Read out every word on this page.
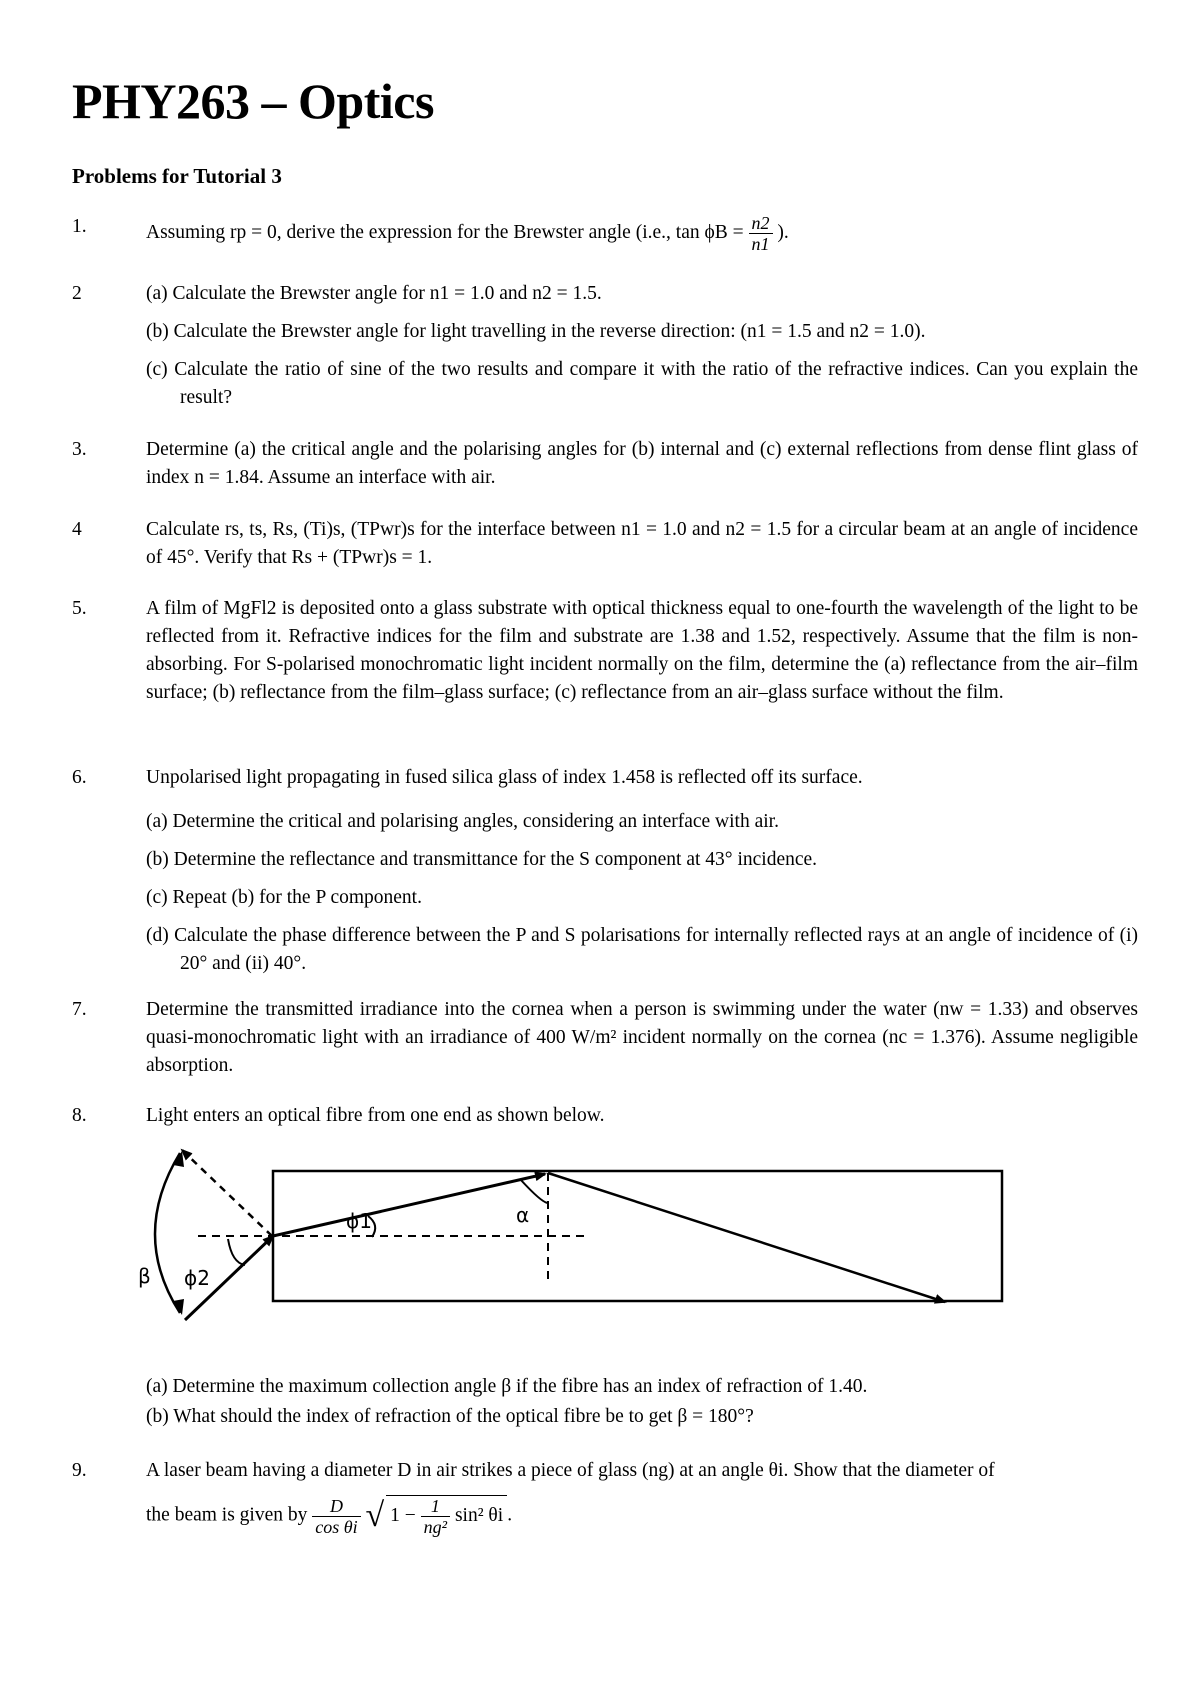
PHY263 – Optics
Problems for Tutorial 3
1.	Assuming rp = 0, derive the expression for the Brewster angle (i.e., $\tan \phi B = \frac{n2}{n1}$ ).
2	(a) Calculate the Brewster angle for n1 = 1.0 and n2 = 1.5.
(b) Calculate the Brewster angle for light travelling in the reverse direction: (n1 = 1.5 and n2 = 1.0).
(c) Calculate the ratio of sine of the two results and compare it with the ratio of the refractive indices. Can you explain the result?
3.	Determine (a) the critical angle and the polarising angles for (b) internal and (c) external reflections from dense flint glass of index n = 1.84. Assume an interface with air.
4	Calculate rs, ts, Rs, (Ti)s, (TPwr)s for the interface between n1 = 1.0 and n2 = 1.5 for a circular beam at an angle of incidence of 45°. Verify that Rs + (TPwr)s = 1.
5.	A film of MgFl2 is deposited onto a glass substrate with optical thickness equal to one-fourth the wavelength of the light to be reflected from it. Refractive indices for the film and substrate are 1.38 and 1.52, respectively. Assume that the film is non-absorbing. For S-polarised monochromatic light incident normally on the film, determine the (a) reflectance from the air–film surface; (b) reflectance from the film–glass surface; (c) reflectance from an air–glass surface without the film.
6.	Unpolarised light propagating in fused silica glass of index 1.458 is reflected off its surface.
(a) Determine the critical and polarising angles, considering an interface with air.
(b) Determine the reflectance and transmittance for the S component at 43° incidence.
(c) Repeat (b) for the P component.
(d) Calculate the phase difference between the P and S polarisations for internally reflected rays at an angle of incidence of (i) 20° and (ii) 40°.
7.	Determine the transmitted irradiance into the cornea when a person is swimming under the water (nw = 1.33) and observes quasi-monochromatic light with an irradiance of 400 W/m² incident normally on the cornea (nc = 1.376). Assume negligible absorption.
8.	Light enters an optical fibre from one end as shown below.
ϕ1
ϕ2
α
β
(a) Determine the maximum collection angle β if the fibre has an index of refraction of 1.40.
(b) What should the index of refraction of the optical fibre be to get β = 180°?
9.	A laser beam having a diameter D in air strikes a piece of glass (ng) at an angle θi. Show that the diameter of
the beam is given by $\frac{D}{\text{cos θi}}$ √ $1 - \frac{1}{\text{ng²}} \sin^2$ θi .
